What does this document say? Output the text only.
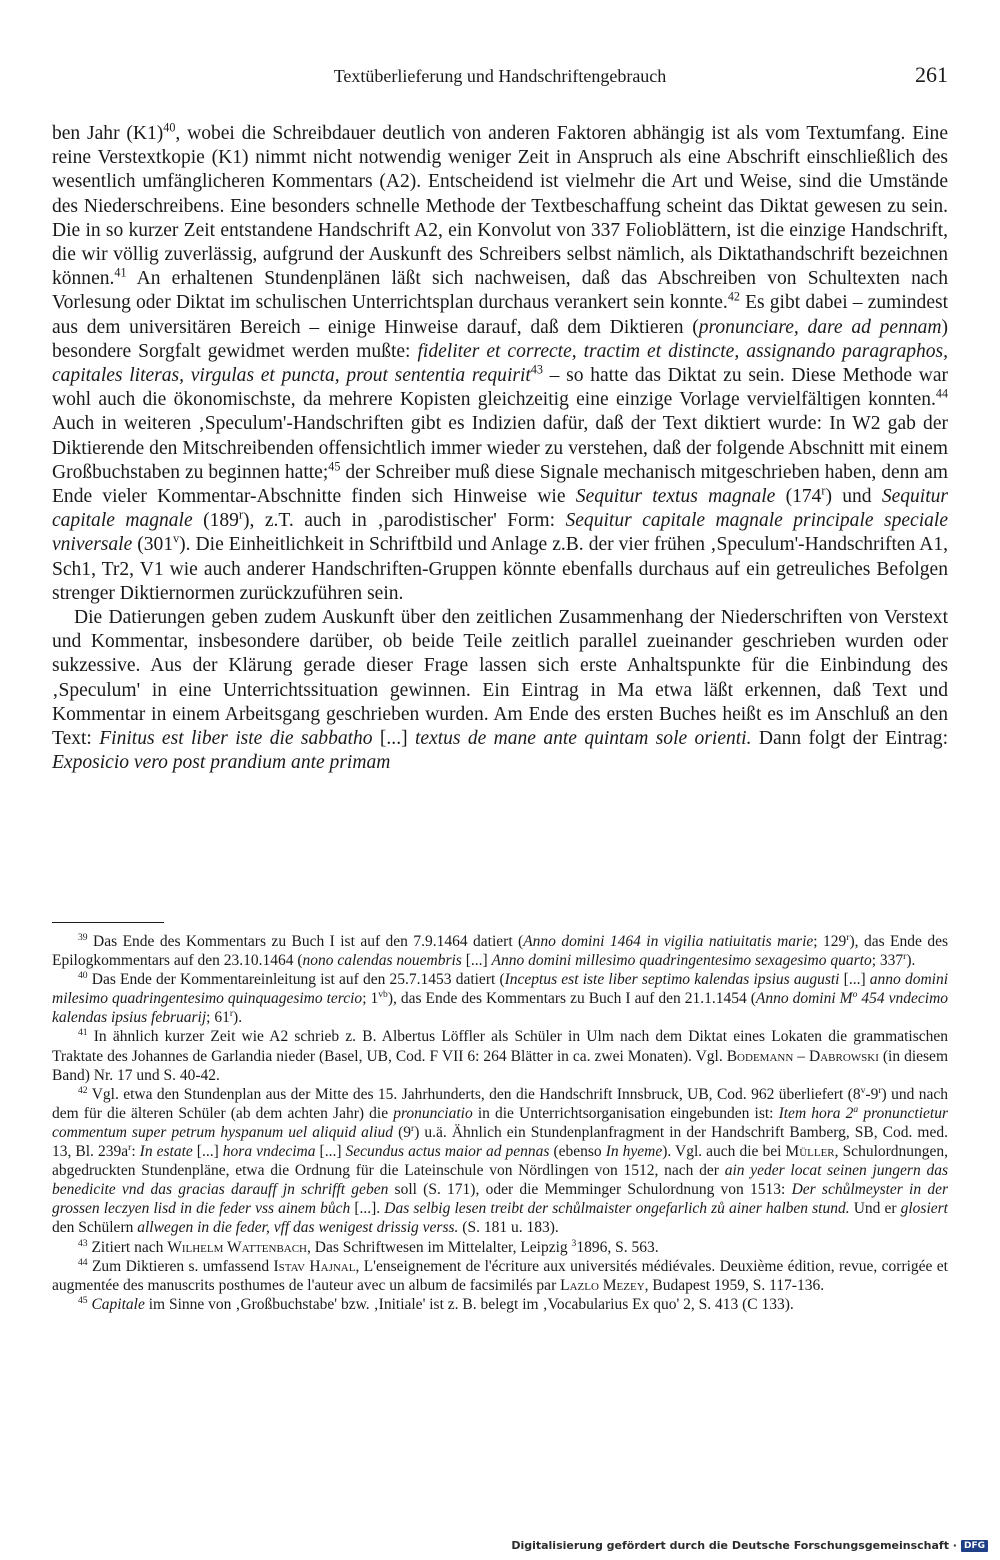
Textüberlieferung und Handschriftengebrauch	261

ben Jahr $(K1)^{40}$, wobei die Schreibdauer deutlich von anderen Faktoren abhängig ist als vom Textumfang. Eine reine Verstextkopie (K1) nimmt nicht notwendig weniger Zeit in Anspruch als eine Abschrift einschließlich des wesentlich umfänglicheren Kommentars (A2). Entscheidend ist vielmehr die Art und Weise, sind die Umstände des Niederschreibens. Eine besonders schnelle Methode der Textbeschaffung scheint das Diktat gewesen zu sein. Die in so kurzer Zeit entstandene Handschrift A2, ein Konvolut von 337 Folioblättern, ist die einzige Handschrift, die wir völlig zuverlässig, aufgrund der Auskunft des Schreibers selbst nämlich, als Diktathandschrift bezeichnen können.$^{41}$ An erhaltenen Stundenplänen läßt sich nachweisen, daß das Abschreiben von Schultexten nach Vorlesung oder Diktat im schulischen Unterrichtsplan durchaus verankert sein konnte.$^{42}$ Es gibt dabei – zumindest aus dem universitären Bereich – einige Hinweise darauf, daß dem Diktieren (pronunciare, dare ad pennam) besondere Sorgfalt gewidmet werden mußte: fideliter et correcte, tractim et distincte, assignando paragraphos, capitales literas, virgulas et puncta, prout sententia requirit$^{43}$ – so hatte das Diktat zu sein. Diese Methode war wohl auch die ökonomischste, da mehrere Kopisten gleichzeitig eine einzige Vorlage vervielfältigen konnten.$^{44}$ Auch in weiteren ‚Speculum'-Handschriften gibt es Indizien dafür, daß der Text diktiert wurde: In W2 gab der Diktierende den Mitschreibenden offensichtlich immer wieder zu verstehen, daß der folgende Abschnitt mit einem Großbuchstaben zu beginnen hatte;$^{45}$ der Schreiber muß diese Signale mechanisch mitgeschrieben haben, denn am Ende vieler Kommentar-Abschnitte finden sich Hinweise wie Sequitur textus magnale (174$^r$) und Sequitur capitale magnale (189$^r$), z.T. auch in ‚parodistischer' Form: Sequitur capitale magnale principale speciale vniversale (301$^v$). Die Einheitlichkeit in Schriftbild und Anlage z.B. der vier frühen ‚Speculum'-Handschriften A1, Sch1, Tr2, V1 wie auch anderer Handschriften-Gruppen könnte ebenfalls durchaus auf ein getreuliches Befolgen strenger Diktiernormen zurückzuführen sein.

Die Datierungen geben zudem Auskunft über den zeitlichen Zusammenhang der Niederschriften von Verstext und Kommentar, insbesondere darüber, ob beide Teile zeitlich parallel zueinander geschrieben wurden oder sukzessive. Aus der Klärung gerade dieser Frage lassen sich erste Anhaltspunkte für die Einbindung des ‚Speculum' in eine Unterrichtssituation gewinnen. Ein Eintrag in Ma etwa läßt erkennen, daß Text und Kommentar in einem Arbeitsgang geschrieben wurden. Am Ende des ersten Buches heißt es im Anschluß an den Text: Finitus est liber iste die sabbatho [...] textus de mane ante quintam sole orienti. Dann folgt der Eintrag: Exposicio vero post prandium ante primam

$^{39}$ Das Ende des Kommentars zu Buch I ist auf den 7.9.1464 datiert (Anno domini 1464 in vigilia natiuitatis marie; 129$^r$), das Ende des Epilogkommentars auf den 23.10.1464 (nono calendas nouembris [...] Anno domini millesimo quadringentesimo sexagesimo quarto; 337$^r$).

$^{40}$ Das Ende der Kommentareinleitung ist auf den 25.7.1453 datiert (Inceptus est iste liber septimo kalendas ipsius augusti [...] anno domini milesimo quadringentesimo quinquagesimo tercio; $1^{vb}$), das Ende des Kommentars zu Buch I auf den 21.1.1454 (Anno domini $M^o$ 454 vndecimo kalendas ipsius februarij; 61$^r$).

$^{41}$ In ähnlich kurzer Zeit wie A2 schrieb z. B. Albertus Löffler als Schüler in Ulm nach dem Diktat eines Lokaten die grammatischen Traktate des Johannes de Garlandia nieder (Basel, UB, Cod. F VII 6: 264 Blätter in ca. zwei Monaten). Vgl. Bodemann – Dabrowski (in diesem Band) Nr. 17 und S. 40-42.

$^{42}$ Vgl. etwa den Stundenplan aus der Mitte des 15. Jahrhunderts, den die Handschrift Innsbruck, UB, Cod. 962 überliefert (8$^v$-9$^r$) und nach dem für die älteren Schüler (ab dem achten Jahr) die pronunciatio in die Unterrichtsorganisation eingebunden ist: Item hora 2$^a$ pronunctietur commentum super petrum hyspanum uel aliquid aliud (9$^r$) u.ä. Ähnlich ein Stundenplanfragment in der Handschrift Bamberg, SB, Cod. med. 13, Bl. $239a^r$: In estate [...] hora vndecima [...] Secundus actus maior ad pennas (ebenso In hyeme). Vgl. auch die bei Müller, Schulordnungen, abgedruckten Stundenpläne, etwa die Ordnung für die Lateinschule von Nördlingen von 1512, nach der ain yeder locat seinen jungern das benedicite vnd das gracias darauff jn schrifft geben soll (S. 171), oder die Memminger Schulordnung von 1513: Der schůlmeyster in der grossen leczyen lisd in die feder vss ainem bůch [...]. Das selbig lesen treibt der schůlmaister ongefarlich zů ainer halben stund. Und er glosiert den Schülern allwegen in die feder, vff das wenigest drissig verss. (S. 181 u. 183).

$^{43}$ Zitiert nach Wilhelm Wattenbach, Das Schriftwesen im Mittelalter, Leipzig $^3$1896, S. 563.

$^{44}$ Zum Diktieren s. umfassend Istav Hajnal, L'enseignement de l'écriture aux universités médiévales. Deuxième édition, revue, corrigée et augmentée des manuscrits posthumes de l'auteur avec un album de facsimilés par Lazlo Mezey, Budapest 1959, S. 117-136.

$^{45}$ Capitale im Sinne von ‚Großbuchstabe' bzw. ‚Initiale' ist z. B. belegt im ‚Vocabularius Ex quo' 2, S. 413 (C 133).

Digitalisierung gefördert durch die Deutsche Forschungsgemeinschaft · DFG
